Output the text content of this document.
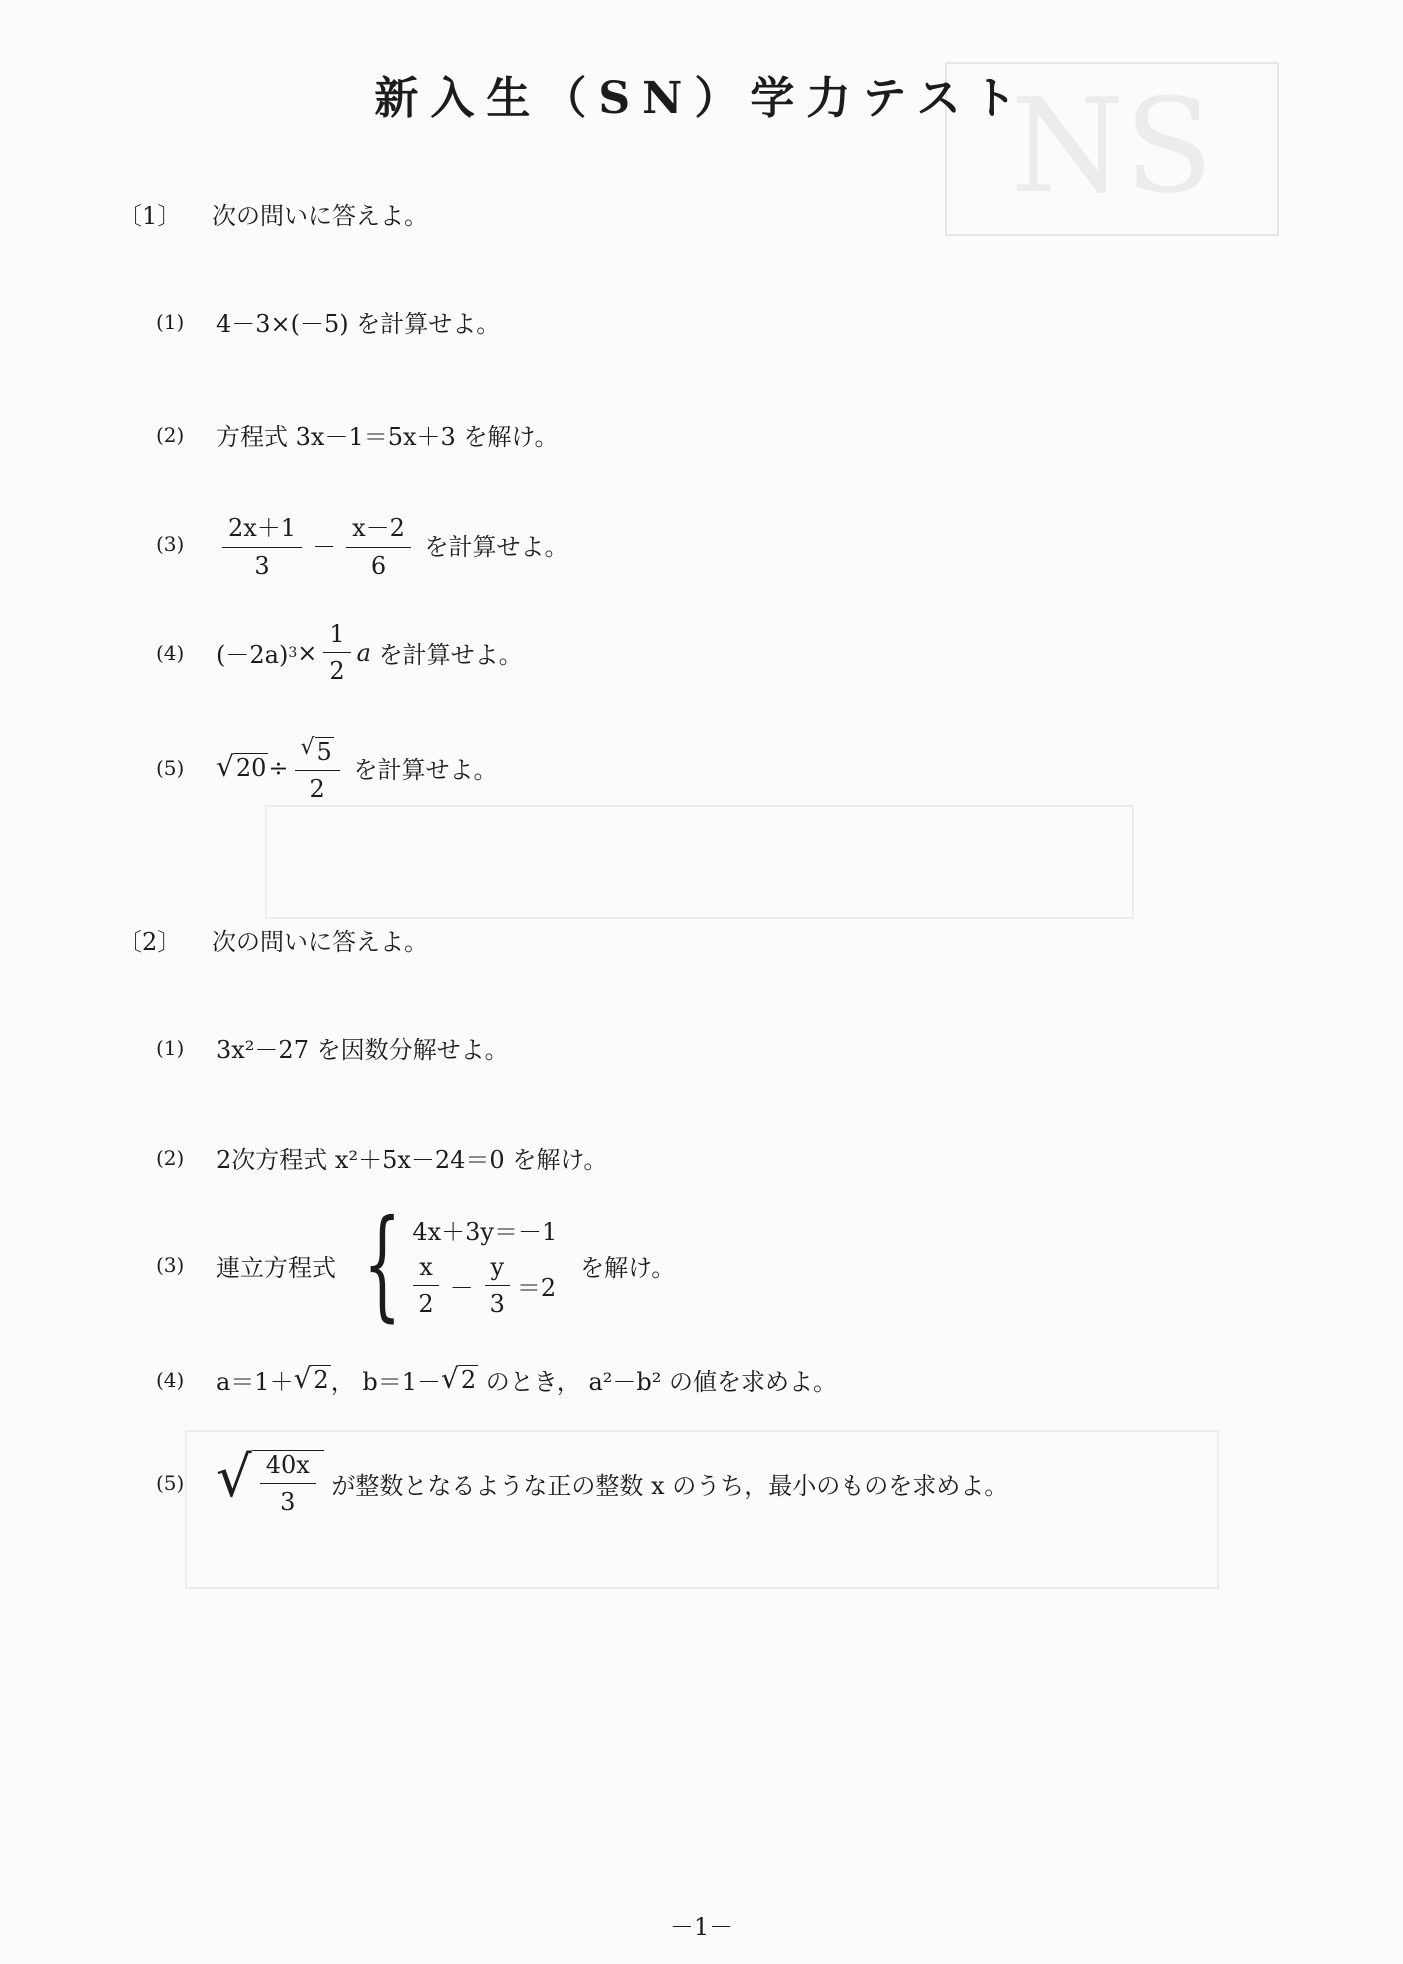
NS

新入生（SN）学力テスト
〔1〕 次の問いに答えよ。
(1)	4－3×(－5)
を計算せよ。
(2)	方程式
3x－1 ＝5x＋3
を解け。
(3)	$\frac{2x+1}{3} - \frac{x-2}{6}$
を計算せよ。
(4)	(－2a) $3 \times \frac{1}{2}$ a
を計算せよ。
(5)	√ $20 \div \frac{√ 5}{2}$
を計算せよ。
〔2〕 次の問いに答えよ。
(1)	3x²－27
を因数分解せよ。
(2)	2次方程式
x²＋5x－24＝0
を解け。
(3)	連立方程式 { 4x＋3y＝－1
$\frac{x}{2} - \frac{y}{3} =2$

を解け。
(4)	a＝1＋ √ 2 ，
b＝1－ √ 2
のとき，
a²－b²
の値を求めよ。
(5) √ $\frac{40x}{3}$
が整数となるような正の整数 x のうち，最小のものを求めよ。
－1－
